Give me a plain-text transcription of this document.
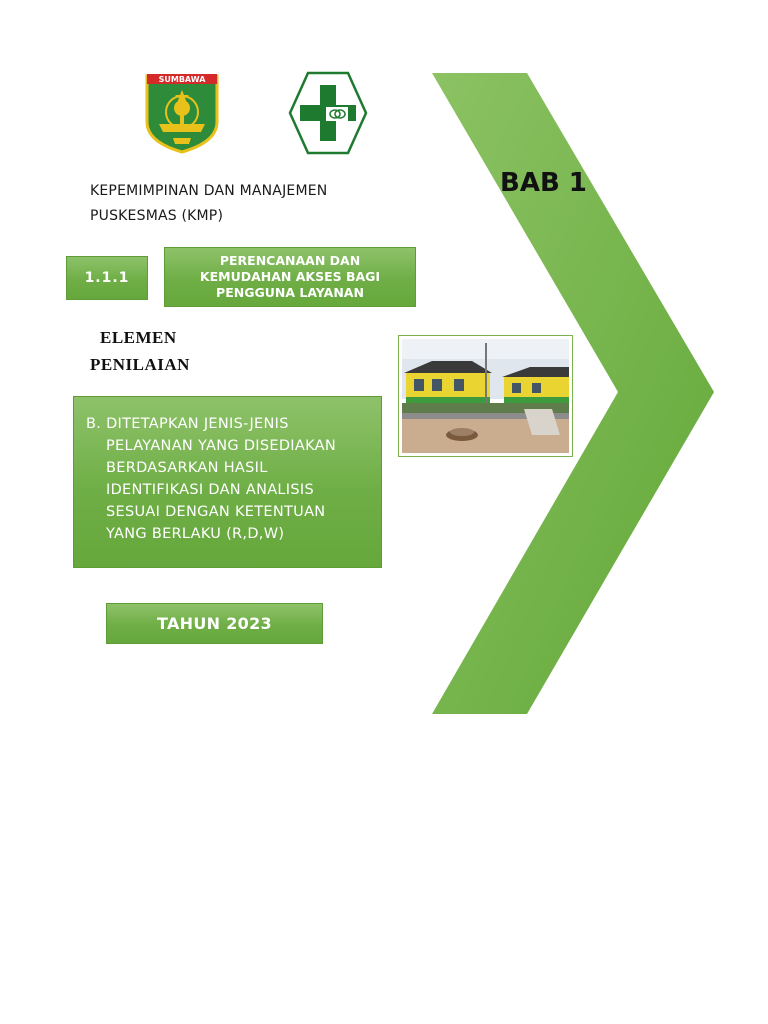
SUMBAWA
BAB 1
KEPEMIMPINAN DAN MANAJEMEN
PUSKESMAS (KMP)
1.1.1
PERENCANAAN DAN KEMUDAHAN AKSES BAGI PENGGUNA LAYANAN
ELEMEN
PENILAIAN
B. DITETAPKAN JENIS-JENIS PELAYANAN YANG DISEDIAKAN BERDASARKAN HASIL IDENTIFIKASI DAN ANALISIS SESUAI DENGAN KETENTUAN YANG BERLAKU (R,D,W)
TAHUN 2023
